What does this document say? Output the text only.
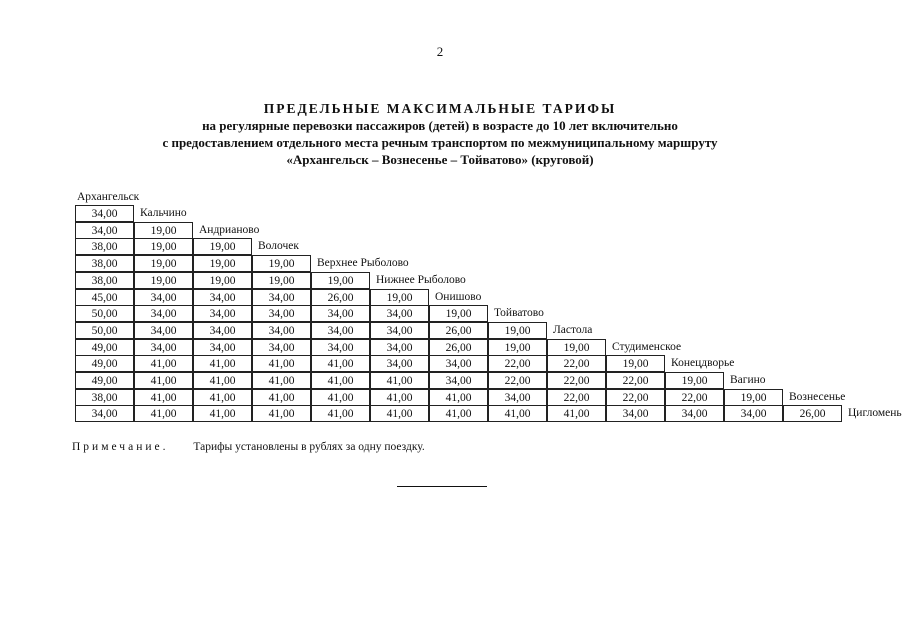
2
ПРЕДЕЛЬНЫЕ МАКСИМАЛЬНЫЕ ТАРИФЫ
на регулярные перевозки пассажиров (детей) в возрасте до 10 лет включительно
с предоставлением отдельного места речным транспортом по межмуниципальному маршруту
«Архангельск – Вознесенье – Тойватово» (круговой)
Архангельск
34,00	Кальчино
34,00	19,00	Андрианово
38,00	19,00	19,00	Волочек
38,00	19,00	19,00	19,00	Верхнее Рыболово
38,00	19,00	19,00	19,00	19,00	Нижнее Рыболово
45,00	34,00	34,00	34,00	26,00	19,00	Онишово
50,00	34,00	34,00	34,00	34,00	34,00	19,00	Тойватово
50,00	34,00	34,00	34,00	34,00	34,00	26,00	19,00	Ластола
49,00	34,00	34,00	34,00	34,00	34,00	26,00	19,00	19,00	Студименское
49,00	41,00	41,00	41,00	41,00	34,00	34,00	22,00	22,00	19,00	Конецдворье
49,00	41,00	41,00	41,00	41,00	41,00	34,00	22,00	22,00	22,00	19,00	Вагино
38,00	41,00	41,00	41,00	41,00	41,00	41,00	34,00	22,00	22,00	22,00	19,00	Вознесенье
34,00	41,00	41,00	41,00	41,00	41,00	41,00	41,00	41,00	34,00	34,00	34,00	26,00	Цигломень
Примечание. Тарифы установлены в рублях за одну поездку.
